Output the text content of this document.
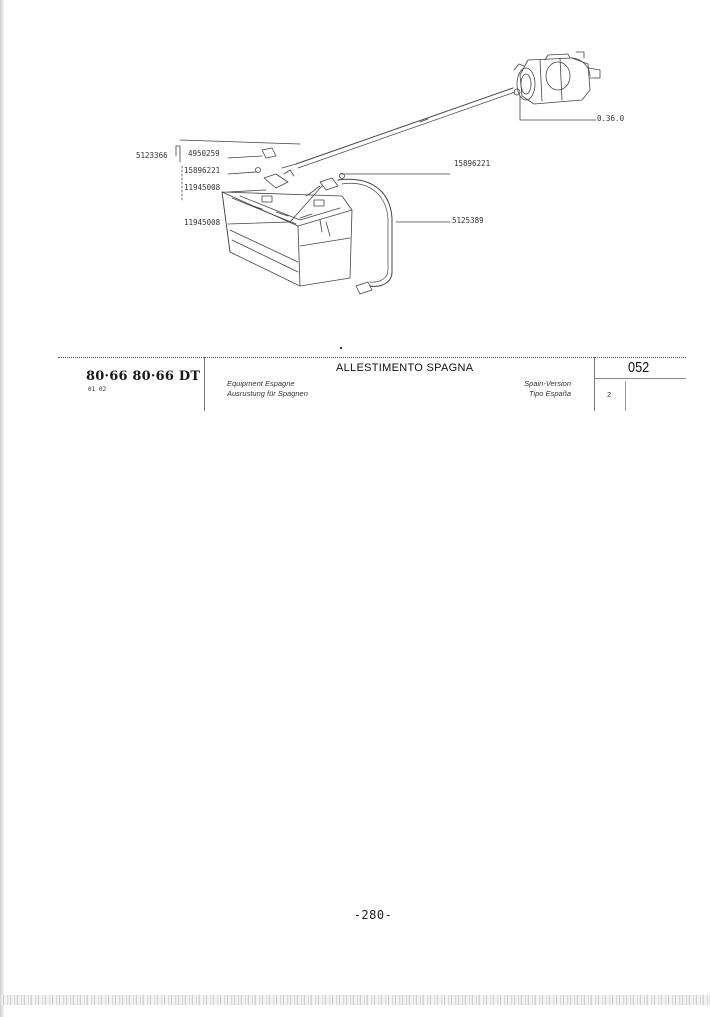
5123366	4950259
15896221
11945008
11945008
15896221
5125389
0.36.0
80·66 80·66 DT
01 02
ALLESTIMENTO SPAGNA
Equipment Espagne
Ausrustung für Spagnen
Spain-Version
Tipo España
052
2
-280-
